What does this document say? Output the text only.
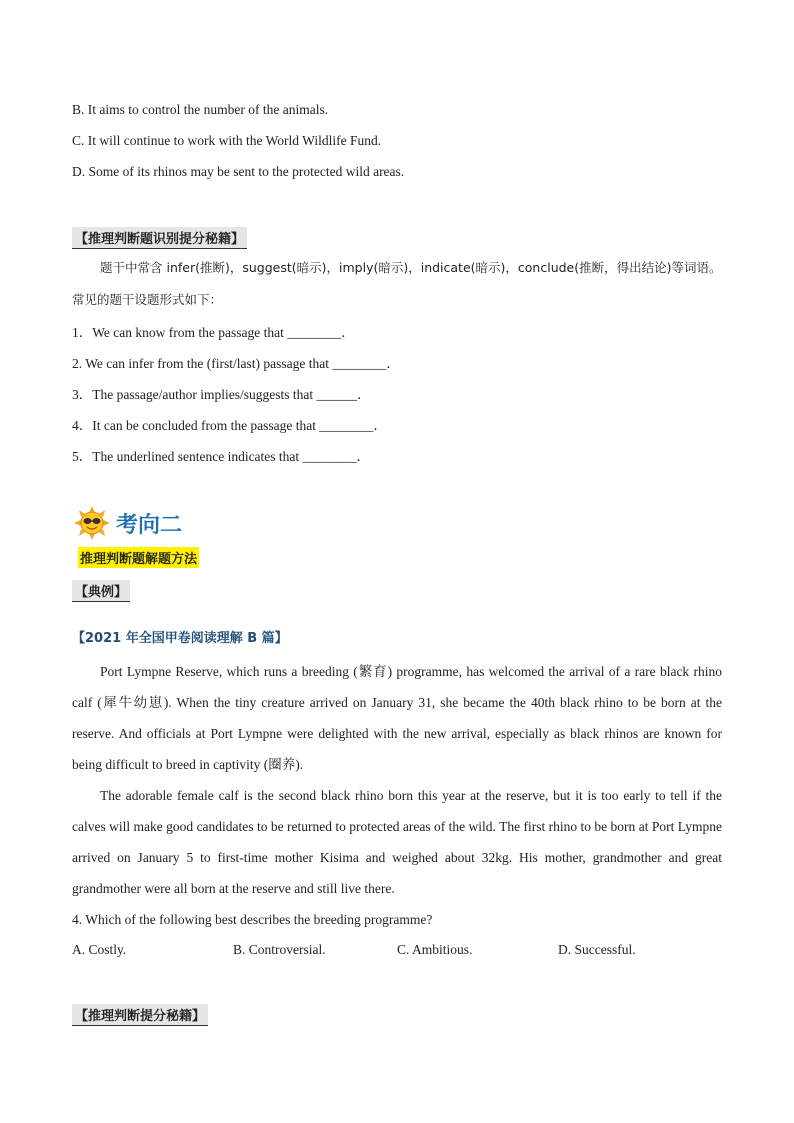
B. It aims to control the number of the animals.
C. It will continue to work with the World Wildlife Fund.
D. Some of its rhinos may be sent to the protected wild areas.
【推理判断题识别提分秘籍】
题干中常含 infer(推断)，suggest(暗示)，imply(暗示)，indicate(暗示)，conclude(推断，得出结论)等词语。
常见的题干设题形式如下：
1．We can know from the passage that ________．
2. We can infer from the (first/last) passage that ________．
3．The passage/author implies/suggests that ______．
4．It can be concluded from the passage that ________．
5．The underlined sentence indicates that ________．
考向二
推理判断题解题方法
【典例】
【2021 年全国甲卷阅读理解 B 篇】
Port Lympne Reserve, which runs a breeding (繁育) programme, has welcomed the arrival of a rare black rhino calf (犀牛幼崽). When the tiny creature arrived on January 31, she became the 40th black rhino to be born at the reserve. And officials at Port Lympne were delighted with the new arrival, especially as black rhinos are known for being difficult to breed in captivity (圈养).
The adorable female calf is the second black rhino born this year at the reserve, but it is too early to tell if the calves will make good candidates to be returned to protected areas of the wild. The first rhino to be born at Port Lympne arrived on January 5 to first-time mother Kisima and weighed about 32kg. His mother, grandmother and great grandmother were all born at the reserve and still live there.
4. Which of the following best describes the breeding programme?
A. Costly.	B. Controversial.	C. Ambitious.	D. Successful.
【推理判断提分秘籍】
